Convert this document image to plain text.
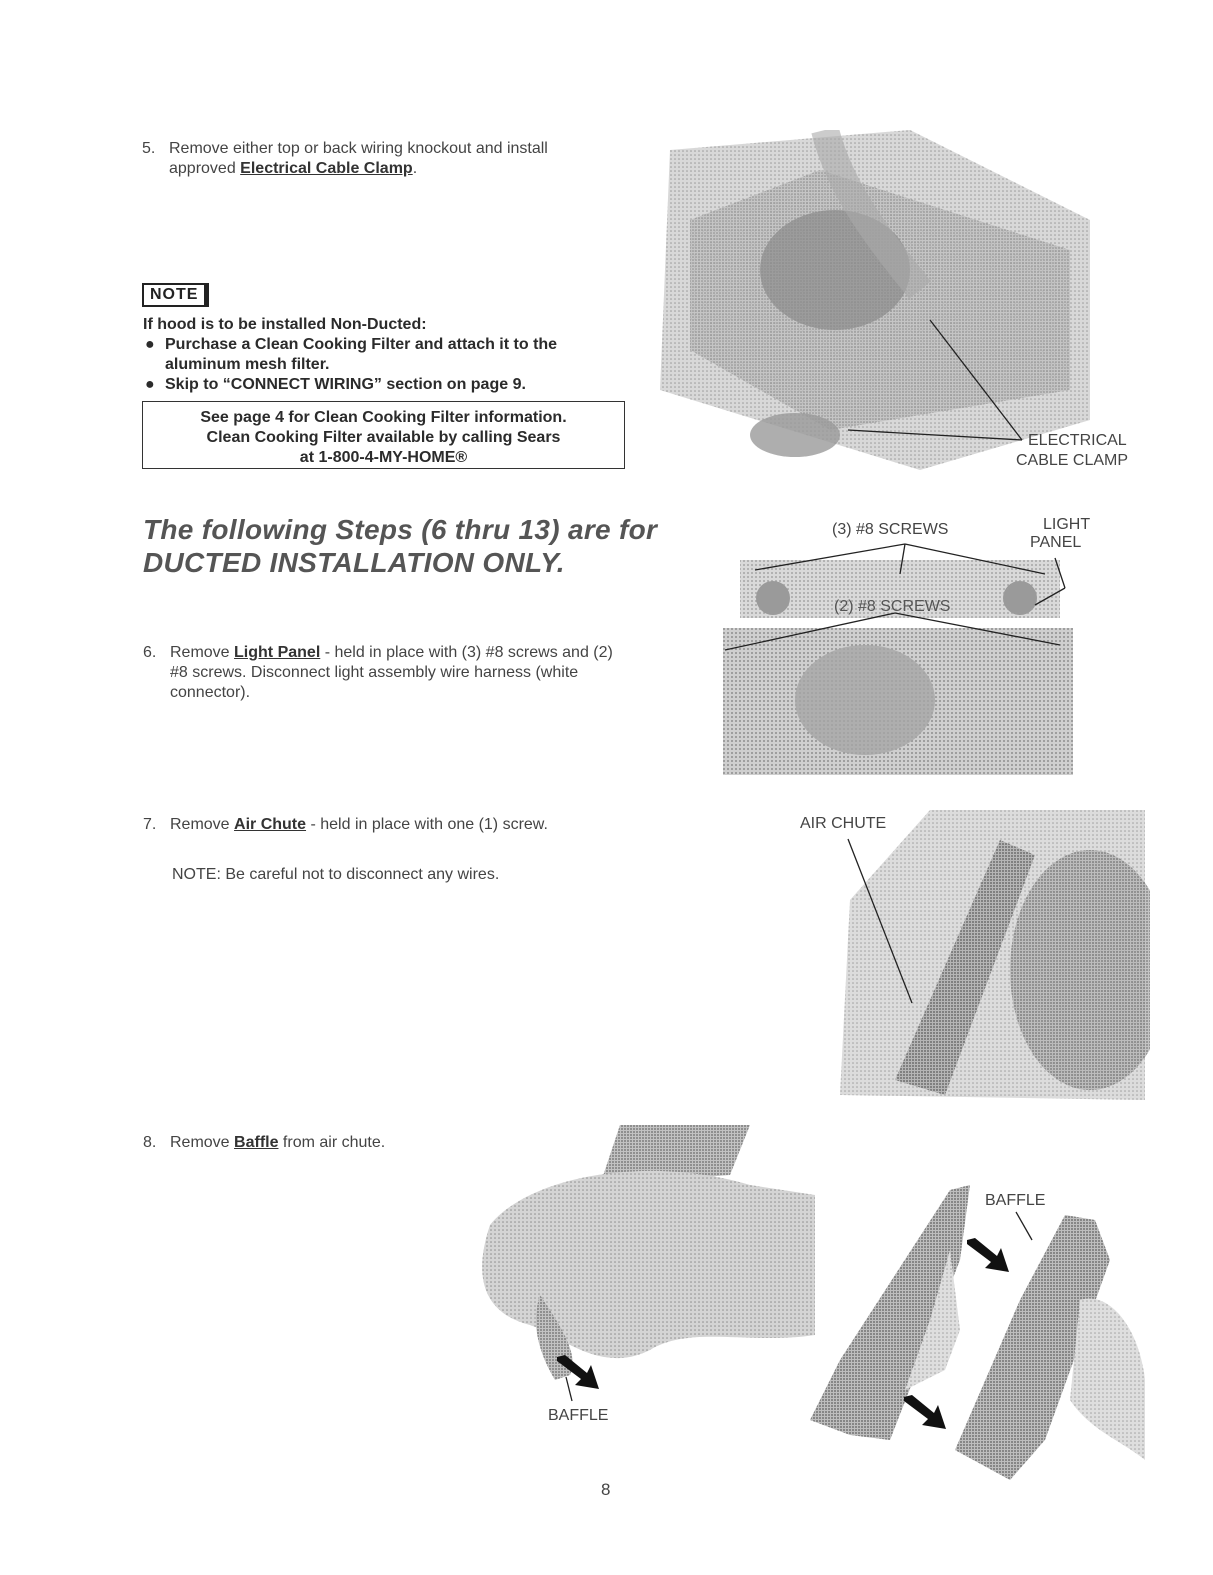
5. Remove either top or back wiring knockout and install approved Electrical Cable Clamp.
NOTE
If hood is to be installed Non-Ducted:
● Purchase a Clean Cooking Filter and attach it to the aluminum mesh filter.
● Skip to “CONNECT WIRING” section on page 9.
See page 4 for Clean Cooking Filter information.
Clean Cooking Filter available by calling Sears
at 1-800-4-MY-HOME®
ELECTRICAL
CABLE CLAMP
The following Steps (6 thru 13) are for
DUCTED INSTALLATION ONLY.
(3) #8 SCREWS	LIGHT
PANEL
(2) #8 SCREWS
6. Remove Light Panel - held in place with (3) #8 screws and (2) #8 screws. Disconnect light assembly wire harness (white connector).
7. Remove Air Chute - held in place with one (1) screw.
NOTE: Be careful not to disconnect any wires.
AIR CHUTE
8. Remove Baffle from air chute.
BAFFLE
BAFFLE
8
